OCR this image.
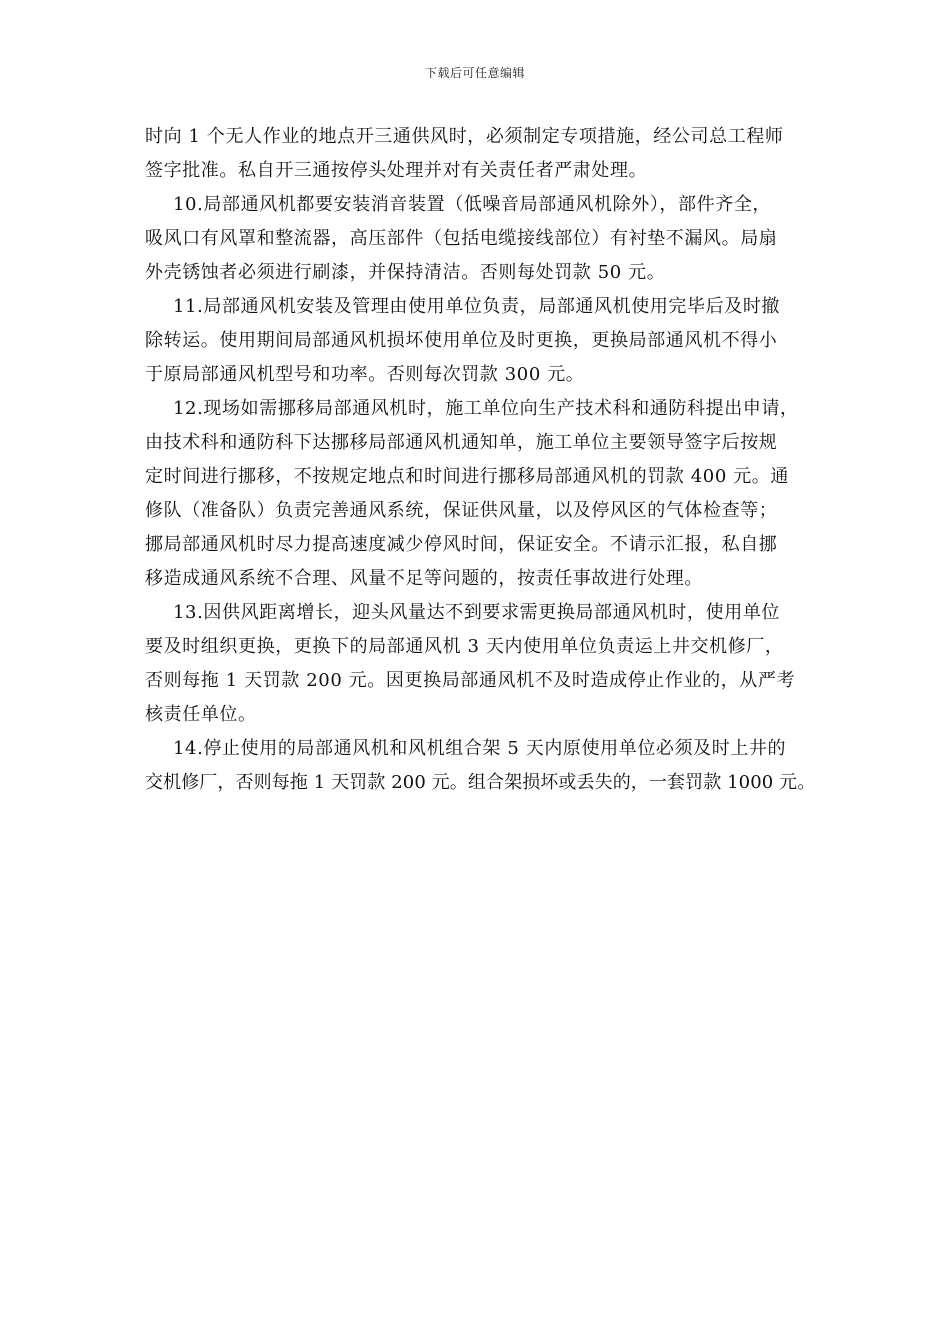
下载后可任意编辑
时向 1 个无人作业的地点开三通供风时，必须制定专项措施，经公司总工程师
签字批准。私自开三通按停头处理并对有关责任者严肃处理。
10.局部通风机都要安装消音装置（低噪音局部通风机除外），部件齐全，
吸风口有风罩和整流器，高压部件（包括电缆接线部位）有衬垫不漏风。局扇
外壳锈蚀者必须进行刷漆，并保持清洁。否则每处罚款 50 元。
11.局部通风机安装及管理由使用单位负责，局部通风机使用完毕后及时撤
除转运。使用期间局部通风机损坏使用单位及时更换，更换局部通风机不得小
于原局部通风机型号和功率。否则每次罚款 300 元。
12.现场如需挪移局部通风机时，施工单位向生产技术科和通防科提出申请，
由技术科和通防科下达挪移局部通风机通知单，施工单位主要领导签字后按规
定时间进行挪移，不按规定地点和时间进行挪移局部通风机的罚款 400 元。通
修队（准备队）负责完善通风系统，保证供风量，以及停风区的气体检查等；
挪局部通风机时尽力提高速度减少停风时间，保证安全。不请示汇报，私自挪
移造成通风系统不合理、风量不足等问题的，按责任事故进行处理。
13.因供风距离增长，迎头风量达不到要求需更换局部通风机时，使用单位
要及时组织更换，更换下的局部通风机 3 天内使用单位负责运上井交机修厂，
否则每拖 1 天罚款 200 元。因更换局部通风机不及时造成停止作业的，从严考
核责任单位。
14.停止使用的局部通风机和风机组合架 5 天内原使用单位必须及时上井的
交机修厂，否则每拖 1 天罚款 200 元。组合架损坏或丢失的，一套罚款 1000 元。
